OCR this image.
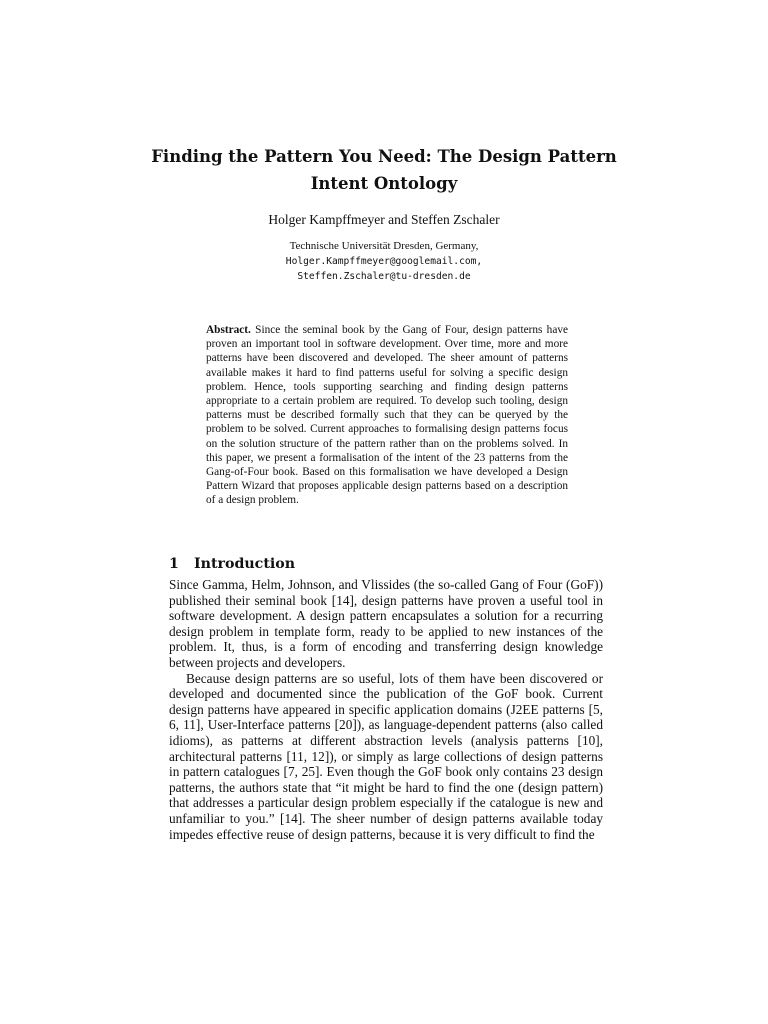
Finding the Pattern You Need: The Design Pattern Intent Ontology
Holger Kampffmeyer and Steffen Zschaler
Technische Universität Dresden, Germany,
Holger.Kampffmeyer@googlemail.com,
Steffen.Zschaler@tu-dresden.de
Abstract. Since the seminal book by the Gang of Four, design patterns have proven an important tool in software development. Over time, more and more patterns have been discovered and developed. The sheer amount of patterns available makes it hard to find patterns useful for solving a specific design problem. Hence, tools supporting searching and finding design patterns appropriate to a certain problem are required. To develop such tooling, design patterns must be described formally such that they can be queryed by the problem to be solved. Current approaches to formalising design patterns focus on the solution structure of the pattern rather than on the problems solved. In this paper, we present a formalisation of the intent of the 23 patterns from the Gang-of-Four book. Based on this formalisation we have developed a Design Pattern Wizard that proposes applicable design patterns based on a description of a design problem.
1 Introduction

Since Gamma, Helm, Johnson, and Vlissides (the so-called Gang of Four (GoF)) published their seminal book [14], design patterns have proven a useful tool in software development. A design pattern encapsulates a solution for a recurring design problem in template form, ready to be applied to new instances of the problem. It, thus, is a form of encoding and transferring design knowledge between projects and developers.

Because design patterns are so useful, lots of them have been discovered or developed and documented since the publication of the GoF book. Current design patterns have appeared in specific application domains (J2EE patterns [5, 6, 11], User-Interface patterns [20]), as language-dependent patterns (also called idioms), as patterns at different abstraction levels (analysis patterns [10], architectural patterns [11, 12]), or simply as large collections of design patterns in pattern catalogues [7, 25]. Even though the GoF book only contains 23 design patterns, the authors state that “it might be hard to find the one (design pattern) that addresses a particular design problem especially if the catalogue is new and unfamiliar to you.” [14]. The sheer number of design patterns available today impedes effective reuse of design patterns, because it is very difficult to find the
